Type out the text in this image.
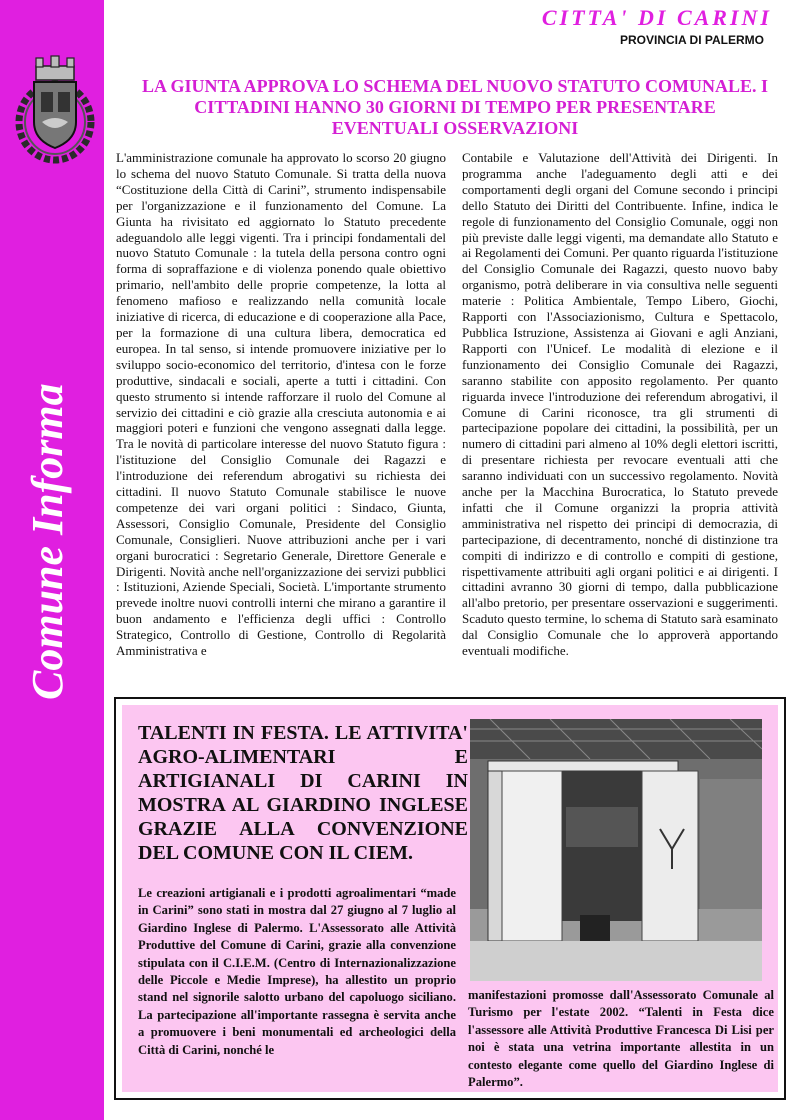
Comune Informa
CITTA' DI CARINI
PROVINCIA DI PALERMO
LA GIUNTA APPROVA LO SCHEMA DEL NUOVO STATUTO COMUNALE. I CITTADINI HANNO 30 GIORNI DI TEMPO PER PRESENTARE EVENTUALI OSSERVAZIONI
L'amministrazione comunale ha approvato lo scorso 20 giugno lo schema del nuovo Statuto Comunale. Si tratta della nuova “Costituzione della Città di Carini”, strumento indispensabile per l'organizzazione e il funzionamento del Comune. La Giunta ha rivisitato ed aggiornato lo Statuto precedente adeguandolo alle leggi vigenti. Tra i principi fondamentali del nuovo Statuto Comunale : la tutela della persona contro ogni forma di sopraffazione e di violenza ponendo quale obiettivo primario, nell'ambito delle proprie competenze, la lotta al fenomeno mafioso e realizzando nella comunità locale iniziative di ricerca, di educazione e di cooperazione alla Pace, per la formazione di una cultura libera, democratica ed europea. In tal senso, si intende promuovere iniziative per lo sviluppo socio-economico del territorio, d'intesa con le forze produttive, sindacali e sociali, aperte a tutti i cittadini. Con questo strumento si intende rafforzare il ruolo del Comune al servizio dei cittadini e ciò grazie alla cresciuta autonomia e ai maggiori poteri e funzioni che vengono assegnati dalla legge. Tra le novità di particolare interesse del nuovo Statuto figura : l'istituzione del Consiglio Comunale dei Ragazzi e l'introduzione dei referendum abrogativi su richiesta dei cittadini. Il nuovo Statuto Comunale stabilisce le nuove competenze dei vari organi politici : Sindaco, Giunta, Assessori, Consiglio Comunale, Presidente del Consiglio Comunale, Consiglieri. Nuove attribuzioni anche per i vari organi burocratici : Segretario Generale, Direttore Generale e Dirigenti. Novità anche nell'organizzazione dei servizi pubblici : Istituzioni, Aziende Speciali, Società. L'importante strumento prevede inoltre nuovi controlli interni che mirano a garantire il buon andamento e l'efficienza degli uffici : Controllo Strategico, Controllo di Gestione, Controllo di Regolarità Amministrativa e
Contabile e Valutazione dell'Attività dei Dirigenti. In programma anche l'adeguamento degli atti e dei comportamenti degli organi del Comune secondo i principi dello Statuto dei Diritti del Contribuente. Infine, indica le regole di funzionamento del Consiglio Comunale, oggi non più previste dalle leggi vigenti, ma demandate allo Statuto e ai Regolamenti dei Comuni. Per quanto riguarda l'istituzione del Consiglio Comunale dei Ragazzi, questo nuovo baby organismo, potrà deliberare in via consultiva nelle seguenti materie : Politica Ambientale, Tempo Libero, Giochi, Rapporti con l'Associazionismo, Cultura e Spettacolo, Pubblica Istruzione, Assistenza ai Giovani e agli Anziani, Rapporti con l'Unicef. Le modalità di elezione e il funzionamento dei Consiglio Comunale dei Ragazzi, saranno stabilite con apposito regolamento. Per quanto riguarda invece l'introduzione dei referendum abrogativi, il Comune di Carini riconosce, tra gli strumenti di partecipazione popolare dei cittadini, la possibilità, per un numero di cittadini pari almeno al 10% degli elettori iscritti, di presentare richiesta per revocare eventuali atti che saranno individuati con un successivo regolamento. Novità anche per la Macchina Burocratica, lo Statuto prevede infatti che il Comune organizzi la propria attività amministrativa nel rispetto dei principi di democrazia, di partecipazione, di decentramento, nonché di distinzione tra compiti di indirizzo e di controllo e compiti di gestione, rispettivamente attribuiti agli organi politici e ai dirigenti. I cittadini avranno 30 giorni di tempo, dalla pubblicazione all'albo pretorio, per presentare osservazioni e suggerimenti. Scaduto questo termine, lo schema di Statuto sarà esaminato dal Consiglio Comunale che lo approverà apportando eventuali modifiche.
TALENTI IN FESTA. LE ATTIVITA' AGRO-ALIMENTARI E ARTIGIANALI DI CARINI IN MOSTRA AL GIARDINO INGLESE GRAZIE ALLA CONVENZIONE DEL COMUNE CON IL CIEM.
Le creazioni artigianali e i prodotti agroalimentari “made in Carini” sono stati in mostra dal 27 giugno al 7 luglio al Giardino Inglese di Palermo. L'Assessorato alle Attività Produttive del Comune di Carini, grazie alla convenzione stipulata con il C.I.E.M. (Centro di Internazionalizzazione delle Piccole e Medie Imprese), ha allestito un proprio stand nel signorile salotto urbano del capoluogo siciliano. La partecipazione all'importante rassegna è servita anche a promuovere i beni monumentali ed archeologici della Città di Carini, nonché le
manifestazioni promosse dall'Assessorato Comunale al Turismo per l'estate 2002. “Talenti in Festa dice l'assessore alle Attività Produttive Francesca Di Lisi per noi è stata una vetrina importante allestita in un contesto elegante come quello del Giardino Inglese di Palermo”.
